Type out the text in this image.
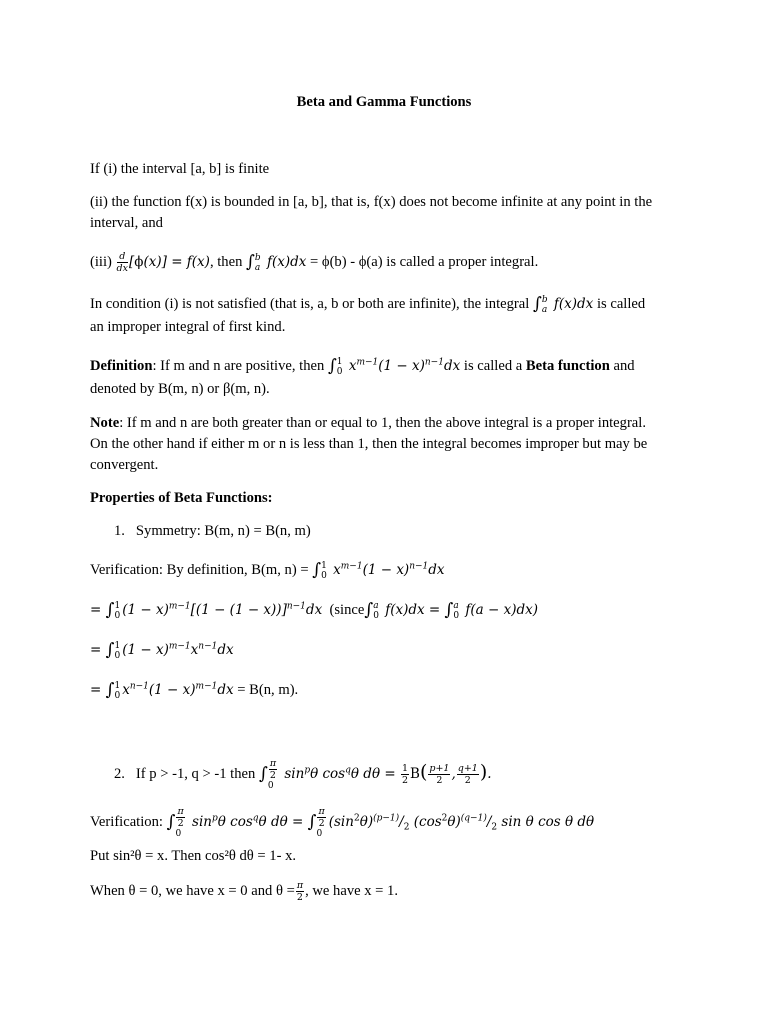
Beta and Gamma Functions
If (i) the interval [a, b] is finite
(ii) the function f(x) is bounded in [a, b], that is, f(x) does not become infinite at any point in the
interval, and
$(iii) \frac{d}{dx} [\phi(x)] = f(x)$, then ∫ b
a f(x)dx = ϕ(b) - ϕ(a) is called a proper integral.
In condition (i) is not satisfied (that is, a, b or both are infinite), the integral ∫ b
a f(x)dx is called
an improper integral of first kind.
Definition: If m and n are positive, then ∫ 1
0 $x^{m-1}(1 - x)^{n-1}dx$ is called a Beta function and
denoted by B(m, n) or β(m, n).
Note: If m and n are both greater than or equal to 1, then the above integral is a proper integral.
On the other hand if either m or n is less than 1, then the integral becomes improper but may be
convergent.
Properties of Beta Functions:
1. Symmetry: B(m, n) = B(n, m)
Verification: By definition, B(m, n) = ∫ 1
0 $x^{m-1}(1 - x)^{n-1}dx$
= ∫ 1
0 $(1 - x)^{m-1}[(1 - (1 - x))]^{n-1}dx$ (since∫ a
0 f(x)dx = ∫ a
0 f(a − x)dx)
= ∫ 1
0 $(1 - x)^{m-1}x^{n-1}dx$
= ∫ 1
0 $x^{n-1}(1 - x)^{m-1}dx = B(n$, m).
2. If p > -1, q > -1 then ∫ $\frac{\pi}{2}$
0
$\sin^p\theta$ $\cos^q\theta$ $d\theta = \frac{1}{2} B( \frac{p+1}{2}$ , $\frac{q+1}{2}$ ).
Verification: ∫ $\frac{\pi}{2}$
0
$\sin^p\theta$ $\cos^q\theta$ dθ = ∫ $\frac{\pi}{2}$
0
$(\sin^2\theta)^{(p-1)}/_2$ $(\cos^2\theta)^{(q-1)}/_2$ sin θ cos θ dθ
Put sin²θ = x. Then cos²θ dθ = 1- x.
When θ = 0, we have x = 0 and $\theta = \frac{\pi}{2}$ , we have x = 1.
